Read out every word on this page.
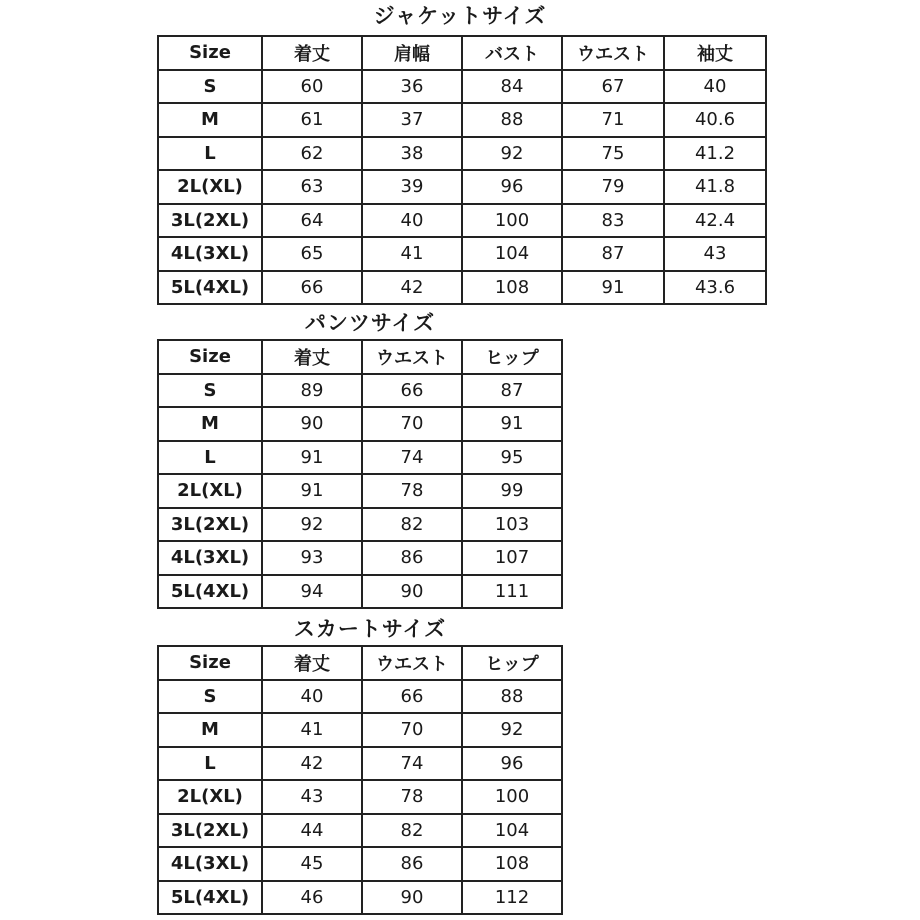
ジャケットサイズ
Size	着丈	肩幅	バスト	ウエスト	袖丈
S	60	36	84	67	40
M	61	37	88	71	40.6
L	62	38	92	75	41.2
2L(XL)	63	39	96	79	41.8
3L(2XL)	64	40	100	83	42.4
4L(3XL)	65	41	104	87	43
5L(4XL)	66	42	108	91	43.6
パンツサイズ
Size	着丈	ウエスト	ヒップ
S	89	66	87
M	90	70	91
L	91	74	95
2L(XL)	91	78	99
3L(2XL)	92	82	103
4L(3XL)	93	86	107
5L(4XL)	94	90	111
スカートサイズ
Size	着丈	ウエスト	ヒップ
S	40	66	88
M	41	70	92
L	42	74	96
2L(XL)	43	78	100
3L(2XL)	44	82	104
4L(3XL)	45	86	108
5L(4XL)	46	90	112
